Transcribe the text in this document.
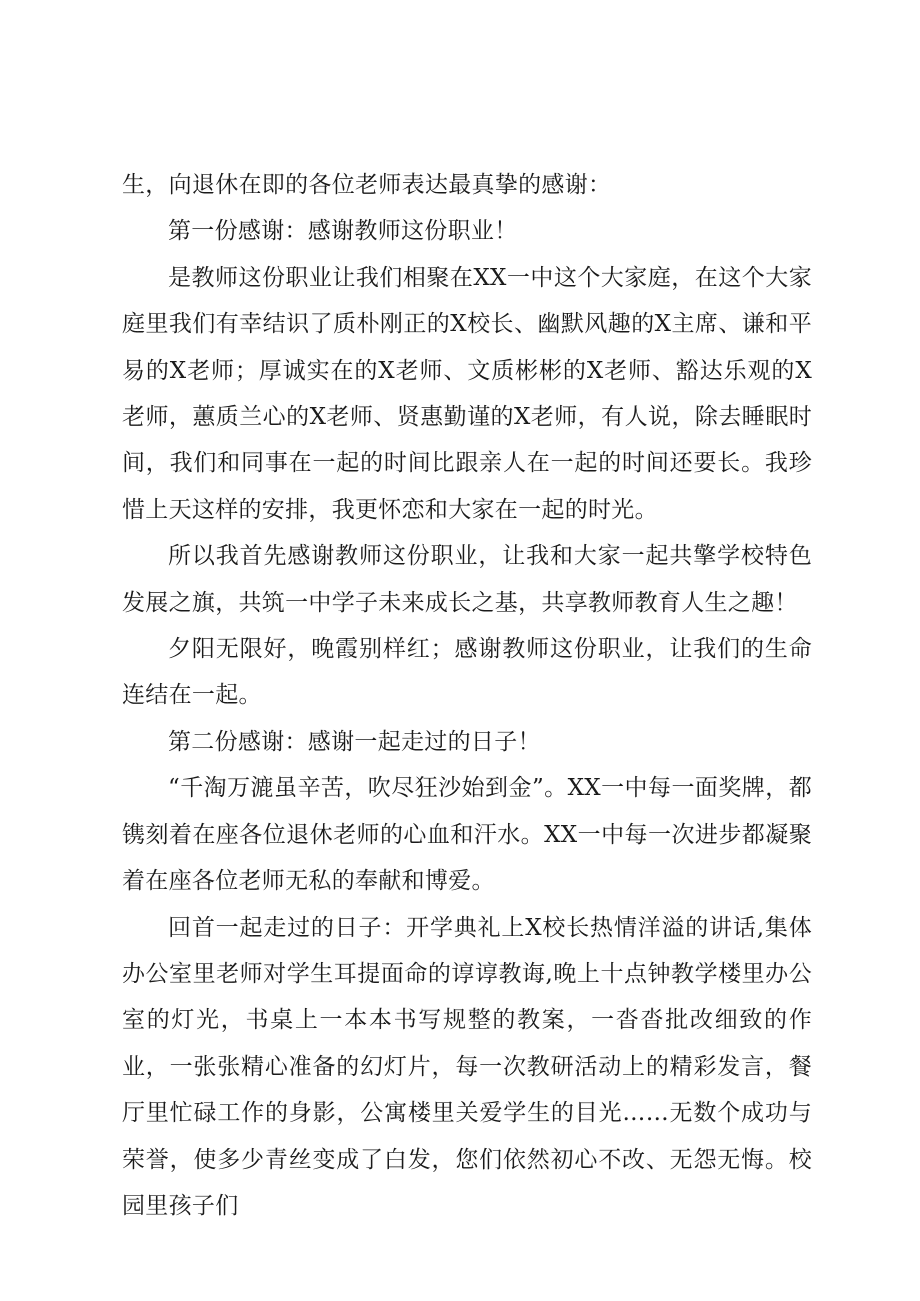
生，向退休在即的各位老师表达最真挚的感谢：

第一份感谢：感谢教师这份职业！

是教师这份职业让我们相聚在XX一中这个大家庭，在这个大家庭里我们有幸结识了质朴刚正的X校长、幽默风趣的X主席、谦和平易的X老师；厚诚实在的X老师、文质彬彬的X老师、豁达乐观的X老师，蕙质兰心的X老师、贤惠勤谨的X老师，有人说，除去睡眠时间，我们和同事在一起的时间比跟亲人在一起的时间还要长。我珍惜上天这样的安排，我更怀恋和大家在一起的时光。

所以我首先感谢教师这份职业，让我和大家一起共擎学校特色发展之旗，共筑一中学子未来成长之基，共享教师教育人生之趣！

夕阳无限好，晚霞别样红；感谢教师这份职业，让我们的生命连结在一起。

第二份感谢：感谢一起走过的日子！

“千淘万漉虽辛苦，吹尽狂沙始到金”。XX一中每一面奖牌，都镌刻着在座各位退休老师的心血和汗水。XX一中每一次进步都凝聚着在座各位老师无私的奉献和博爱。

回首一起走过的日子：开学典礼上X校长热情洋溢的讲话,集体办公室里老师对学生耳提面命的谆谆教诲,晚上十点钟教学楼里办公室的灯光，书桌上一本本书写规整的教案，一沓沓批改细致的作业，一张张精心准备的幻灯片，每一次教研活动上的精彩发言，餐厅里忙碌工作的身影，公寓楼里关爱学生的目光……无数个成功与荣誉，使多少青丝变成了白发，您们依然初心不改、无怨无悔。校园里孩子们
